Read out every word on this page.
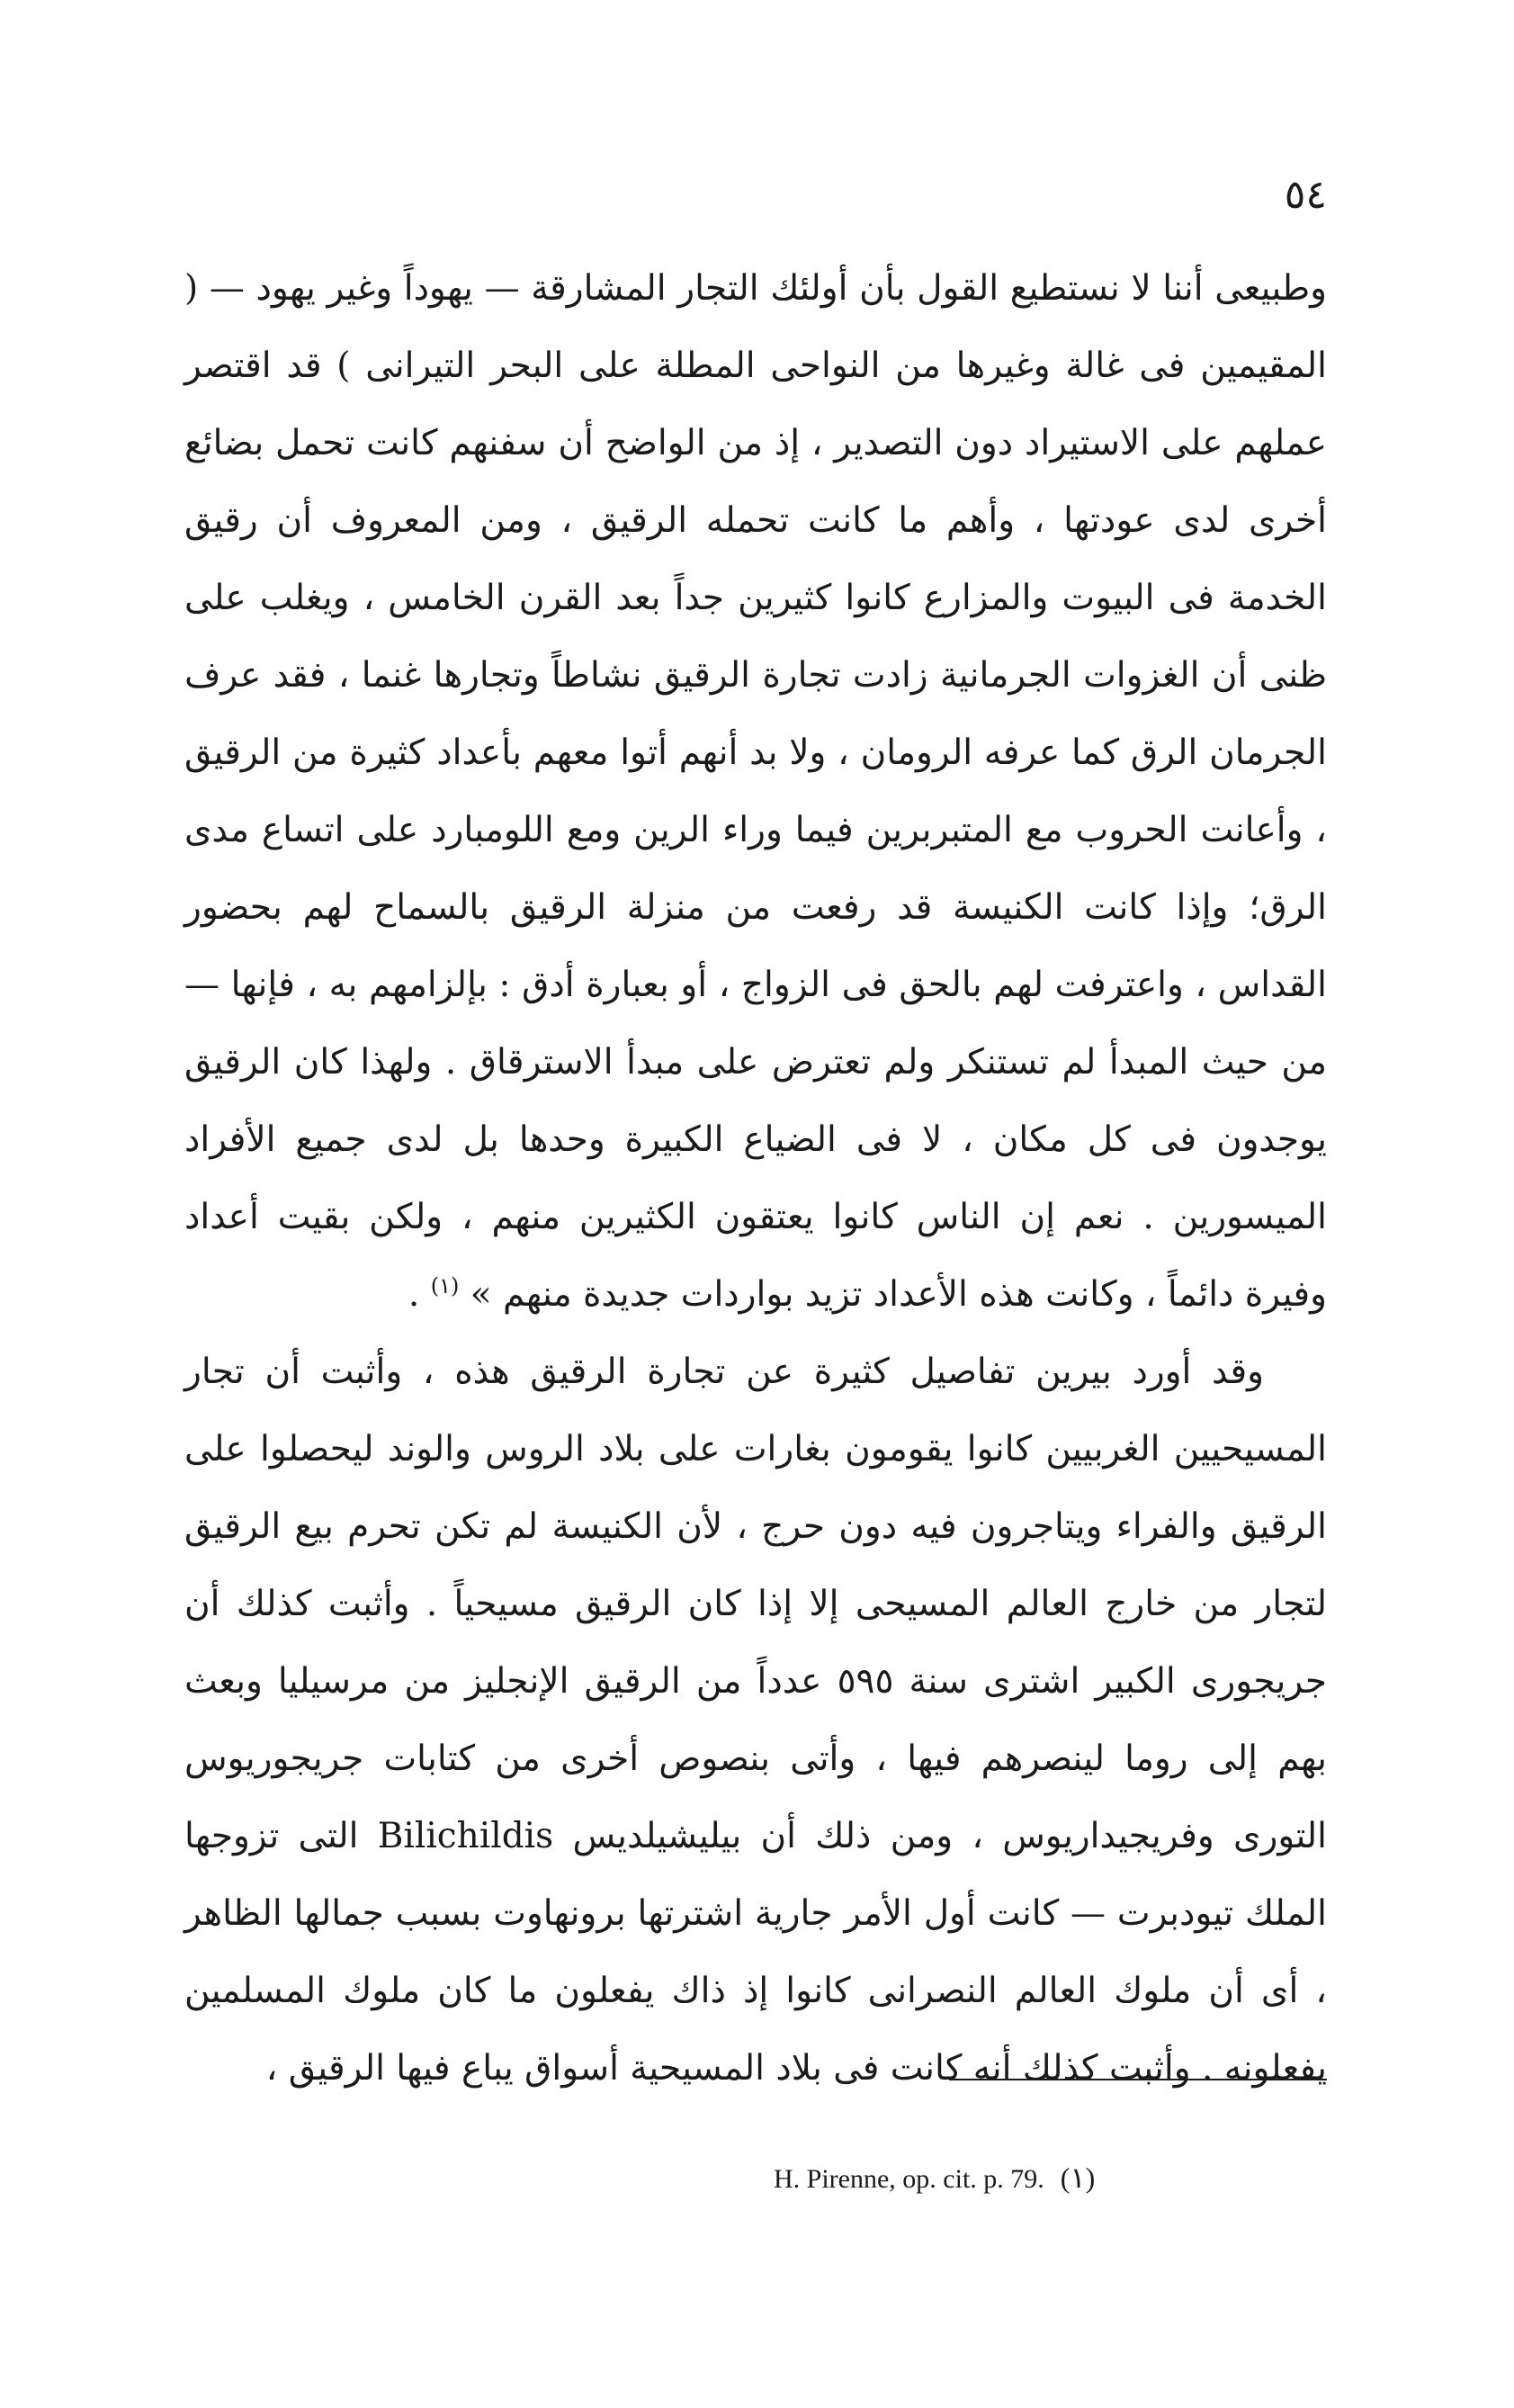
٥٤

وطبيعى أننا لا نستطيع القول بأن أولئك التجار المشارقة — يهوداً وغير يهود — ( المقيمين فى غالة وغيرها من النواحى المطلة على البحر التيرانى ) قد اقتصر عملهم على الاستيراد دون التصدير ، إذ من الواضح أن سفنهم كانت تحمل بضائع أخرى لدى عودتها ، وأهم ما كانت تحمله الرقيق ، ومن المعروف أن رقيق الخدمة فى البيوت والمزارع كانوا كثيرين جداً بعد القرن الخامس ، ويغلب على ظنى أن الغزوات الجرمانية زادت تجارة الرقيق نشاطاً وتجارها غنما ، فقد عرف الجرمان الرق كما عرفه الرومان ، ولا بد أنهم أتوا معهم بأعداد كثيرة من الرقيق ، وأعانت الحروب مع المتبربرين فيما وراء الرين ومع اللومبارد على اتساع مدى الرق؛ وإذا كانت الكنيسة قد رفعت من منزلة الرقيق بالسماح لهم بحضور القداس ، واعترفت لهم بالحق فى الزواج ، أو بعبارة أدق : بإلزامهم به ، فإنها — من حيث المبدأ لم تستنكر ولم تعترض على مبدأ الاسترقاق . ولهذا كان الرقيق يوجدون فى كل مكان ، لا فى الضياع الكبيرة وحدها بل لدى جميع الأفراد الميسورين . نعم إن الناس كانوا يعتقون الكثيرين منهم ، ولكن بقيت أعداد وفيرة دائماً ، وكانت هذه الأعداد تزيد بواردات جديدة منهم » $^{(١)}$ .

وقد أورد بيرين تفاصيل كثيرة عن تجارة الرقيق هذه ، وأثبت أن تجار المسيحيين الغربيين كانوا يقومون بغارات على بلاد الروس والوند ليحصلوا على الرقيق والفراء ويتاجرون فيه دون حرج ، لأن الكنيسة لم تكن تحرم بيع الرقيق لتجار من خارج العالم المسيحى إلا إذا كان الرقيق مسيحياً . وأثبت كذلك أن جريجورى الكبير اشترى سنة ٥٩٥ عدداً من الرقيق الإنجليز من مرسيليا وبعث بهم إلى روما لينصرهم فيها ، وأتى بنصوص أخرى من كتابات جريجوريوس التورى وفريجيداريوس ، ومن ذلك أن بيليشيلديس Bilichildis التى تزوجها الملك تيودبرت — كانت أول الأمر جارية اشترتها برونهاوت بسبب جمالها الظاهر ، أى أن ملوك العالم النصرانى كانوا إذ ذاك يفعلون ما كان ملوك المسلمين يفعلونه . وأثبت كذلك أنه كانت فى بلاد المسيحية أسواق يباع فيها الرقيق ،

H. Pirenne, op. cit. p. 79. (١)
